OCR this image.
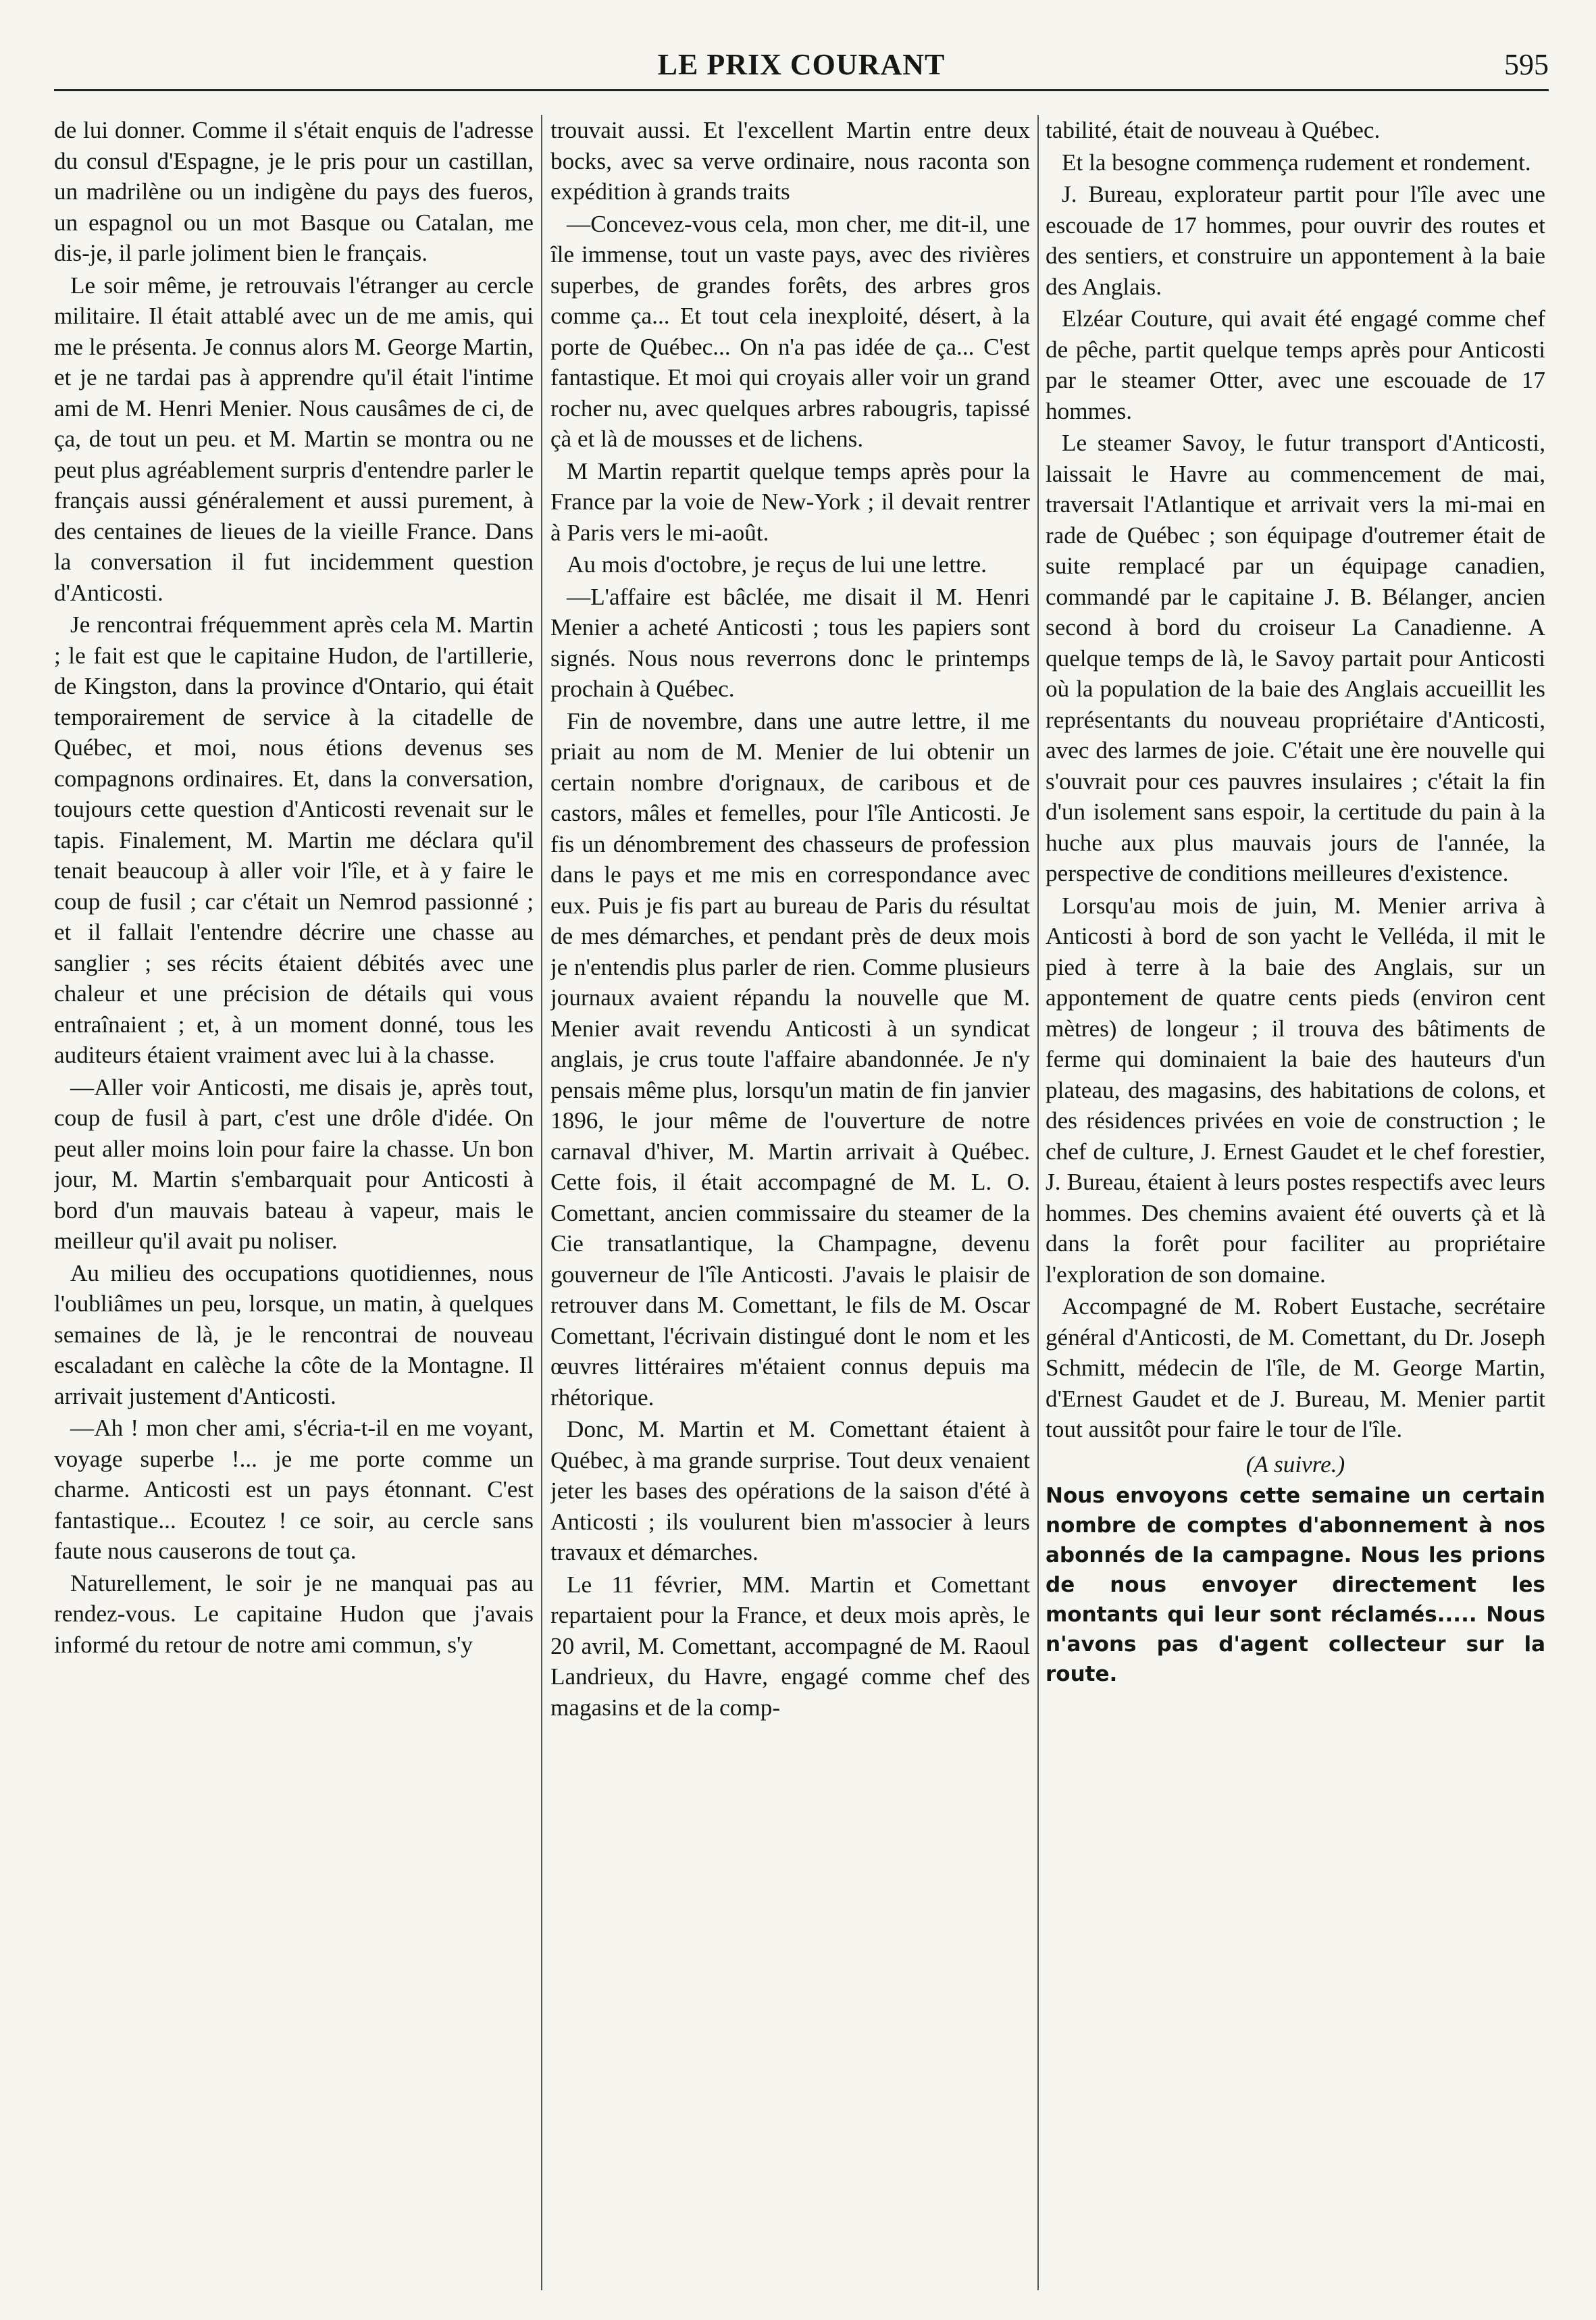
LE PRIX COURANT	595

de lui donner. Comme il s'était enquis de l'adresse du consul d'Espagne, je le pris pour un castillan, un madrilène ou un indigène du pays des fueros, un espagnol ou un mot Basque ou Catalan, me dis-je, il parle joliment bien le français.

Le soir même, je retrouvais l'étranger au cercle militaire. Il était attablé avec un de me amis, qui me le présenta. Je connus alors M. George Martin, et je ne tardai pas à apprendre qu'il était l'intime ami de M. Henri Menier. Nous causâmes de ci, de ça, de tout un peu. et M. Martin se montra ou ne peut plus agréablement surpris d'entendre parler le français aussi généralement et aussi purement, à des centaines de lieues de la vieille France. Dans la conversation il fut incidemment question d'Anticosti.

Je rencontrai fréquemment après cela M. Martin ; le fait est que le capitaine Hudon, de l'artillerie, de Kingston, dans la province d'Ontario, qui était temporairement de service à la citadelle de Québec, et moi, nous étions devenus ses compagnons ordinaires. Et, dans la conversation, toujours cette question d'Anticosti revenait sur le tapis. Finalement, M. Martin me déclara qu'il tenait beaucoup à aller voir l'île, et à y faire le coup de fusil ; car c'était un Nemrod passionné ; et il fallait l'entendre décrire une chasse au sanglier ; ses récits étaient débités avec une chaleur et une précision de détails qui vous entraînaient ; et, à un moment donné, tous les auditeurs étaient vraiment avec lui à la chasse.

—Aller voir Anticosti, me disais je, après tout, coup de fusil à part, c'est une drôle d'idée. On peut aller moins loin pour faire la chasse. Un bon jour, M. Martin s'embarquait pour Anticosti à bord d'un mauvais bateau à vapeur, mais le meilleur qu'il avait pu noliser.

Au milieu des occupations quotidiennes, nous l'oubliâmes un peu, lorsque, un matin, à quelques semaines de là, je le rencontrai de nouveau escaladant en calèche la côte de la Montagne. Il arrivait justement d'Anticosti.

—Ah ! mon cher ami, s'écria-t-il en me voyant, voyage superbe !... je me porte comme un charme. Anticosti est un pays étonnant. C'est fantastique... Ecoutez ! ce soir, au cercle sans faute nous causerons de tout ça.

Naturellement, le soir je ne manquai pas au rendez-vous. Le capitaine Hudon que j'avais informé du retour de notre ami commun, s'y

trouvait aussi. Et l'excellent Martin entre deux bocks, avec sa verve ordinaire, nous raconta son expédition à grands traits

—Concevez-vous cela, mon cher, me dit-il, une île immense, tout un vaste pays, avec des rivières superbes, de grandes forêts, des arbres gros comme ça... Et tout cela inexploité, désert, à la porte de Québec... On n'a pas idée de ça... C'est fantastique. Et moi qui croyais aller voir un grand rocher nu, avec quelques arbres rabougris, tapissé çà et là de mousses et de lichens.

M Martin repartit quelque temps après pour la France par la voie de New-York ; il devait rentrer à Paris vers le mi-août.

Au mois d'octobre, je reçus de lui une lettre.

—L'affaire est bâclée, me disait il M. Henri Menier a acheté Anticosti ; tous les papiers sont signés. Nous nous reverrons donc le printemps prochain à Québec.

Fin de novembre, dans une autre lettre, il me priait au nom de M. Menier de lui obtenir un certain nombre d'orignaux, de caribous et de castors, mâles et femelles, pour l'île Anticosti. Je fis un dénombrement des chasseurs de profession dans le pays et me mis en correspondance avec eux. Puis je fis part au bureau de Paris du résultat de mes démarches, et pendant près de deux mois je n'entendis plus parler de rien. Comme plusieurs journaux avaient répandu la nouvelle que M. Menier avait revendu Anticosti à un syndicat anglais, je crus toute l'affaire abandonnée. Je n'y pensais même plus, lorsqu'un matin de fin janvier 1896, le jour même de l'ouverture de notre carnaval d'hiver, M. Martin arrivait à Québec. Cette fois, il était accompagné de M. L. O. Comettant, ancien commissaire du steamer de la Cie transatlantique, la Champagne, devenu gouverneur de l'île Anticosti. J'avais le plaisir de retrouver dans M. Comettant, le fils de M. Oscar Comettant, l'écrivain distingué dont le nom et les œuvres littéraires m'étaient connus depuis ma rhétorique.

Donc, M. Martin et M. Comettant étaient à Québec, à ma grande surprise. Tout deux venaient jeter les bases des opérations de la saison d'été à Anticosti ; ils voulurent bien m'associer à leurs travaux et démarches.

Le 11 février, MM. Martin et Comettant repartaient pour la France, et deux mois après, le 20 avril, M. Comettant, accompagné de M. Raoul Landrieux, du Havre, engagé comme chef des magasins et de la comp-

tabilité, était de nouveau à Québec.

Et la besogne commença rudement et rondement.

J. Bureau, explorateur partit pour l'île avec une escouade de 17 hommes, pour ouvrir des routes et des sentiers, et construire un appontement à la baie des Anglais.

Elzéar Couture, qui avait été engagé comme chef de pêche, partit quelque temps après pour Anticosti par le steamer Otter, avec une escouade de 17 hommes.

Le steamer Savoy, le futur transport d'Anticosti, laissait le Havre au commencement de mai, traversait l'Atlantique et arrivait vers la mi-mai en rade de Québec ; son équipage d'outremer était de suite remplacé par un équipage canadien, commandé par le capitaine J. B. Bélanger, ancien second à bord du croiseur La Canadienne. A quelque temps de là, le Savoy partait pour Anticosti où la population de la baie des Anglais accueillit les représentants du nouveau propriétaire d'Anticosti, avec des larmes de joie. C'était une ère nouvelle qui s'ouvrait pour ces pauvres insulaires ; c'était la fin d'un isolement sans espoir, la certitude du pain à la huche aux plus mauvais jours de l'année, la perspective de conditions meilleures d'existence.

Lorsqu'au mois de juin, M. Menier arriva à Anticosti à bord de son yacht le Velléda, il mit le pied à terre à la baie des Anglais, sur un appontement de quatre cents pieds (environ cent mètres) de longeur ; il trouva des bâtiments de ferme qui dominaient la baie des hauteurs d'un plateau, des magasins, des habitations de colons, et des résidences privées en voie de construction ; le chef de culture, J. Ernest Gaudet et le chef forestier, J. Bureau, étaient à leurs postes respectifs avec leurs hommes. Des chemins avaient été ouverts çà et là dans la forêt pour faciliter au propriétaire l'exploration de son domaine.

Accompagné de M. Robert Eustache, secrétaire général d'Anticosti, de M. Comettant, du Dr. Joseph Schmitt, médecin de l'île, de M. George Martin, d'Ernest Gaudet et de J. Bureau, M. Menier partit tout aussitôt pour faire le tour de l'île.

(A suivre.)

Nous envoyons cette semaine un certain nombre de comptes d'abonnement à nos abonnés de la campagne. Nous les prions de nous envoyer directement les montants qui leur sont réclamés..... Nous n'avons pas d'agent collecteur sur la route.
